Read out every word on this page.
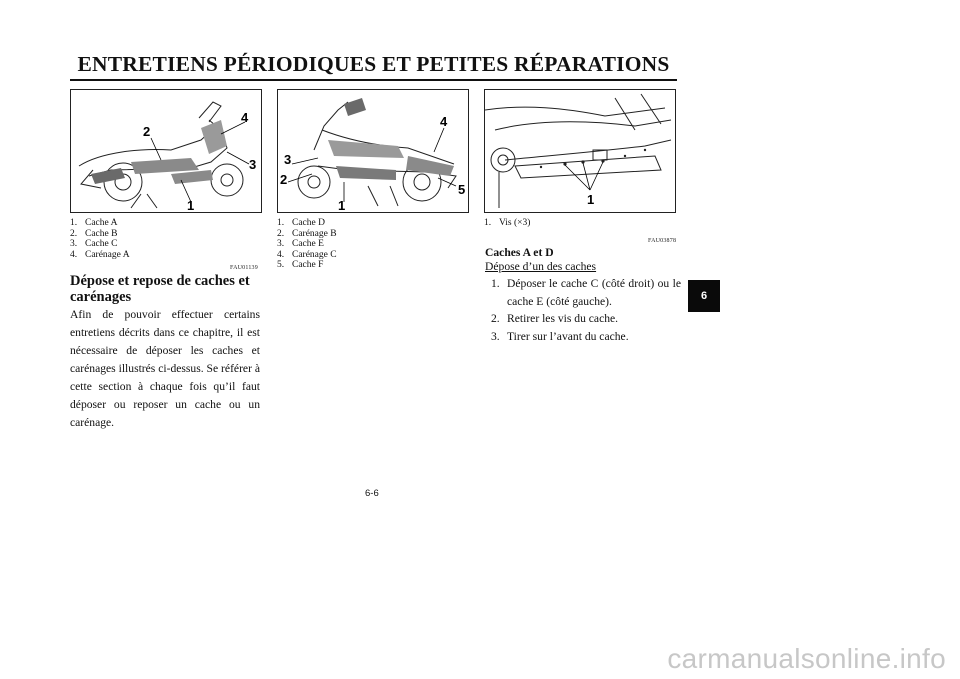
ENTRETIENS PÉRIODIQUES ET PETITES RÉPARATIONS
2
4
3
1
3
2
1
4
5
1
1. Cache A
2. Cache B
3. Cache C
4. Carénage A
1. Cache D
2. Carénage B
3. Cache E
4. Carénage C
5. Cache F
1. Vis (×3)
FAU01139
Dépose et repose de caches et carénages

Afin de pouvoir effectuer certains entretiens décrits dans ce chapitre, il est nécessaire de déposer les caches et carénages illustrés ci-dessus. Se référer à cette section à chaque fois qu’il faut déposer ou reposer un cache ou un carénage.

FAU03878
Caches A et D
Dépose d’un des caches
1. Déposer le cache C (côté droit) ou le cache E (côté gauche).
2. Retirer les vis du cache.
3. Tirer sur l’avant du cache.
6
6-6
carmanualsonline.info
